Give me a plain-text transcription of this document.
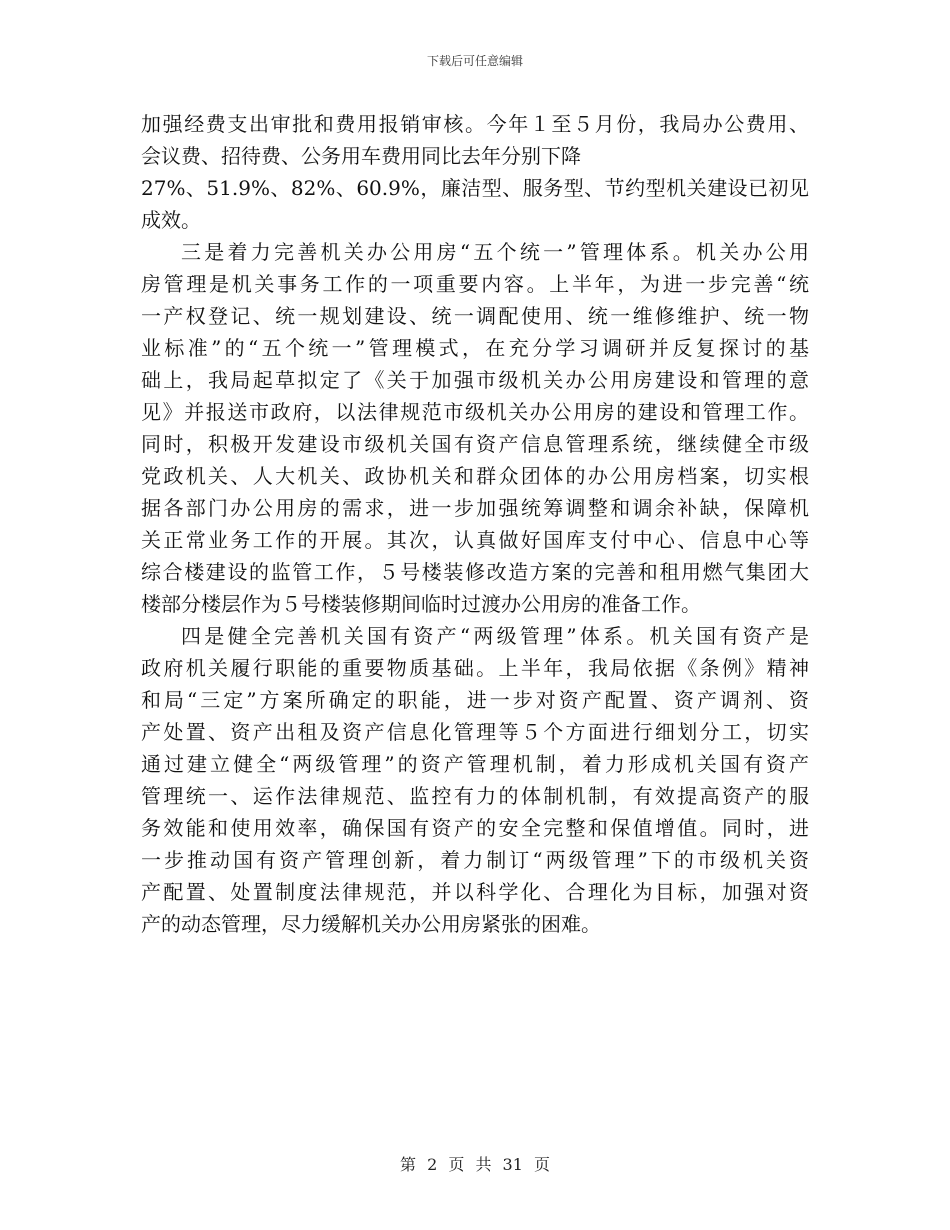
下载后可任意编辑
加强经费支出审批和费用报销审核。今年１至５月份，我局办公费用、
会议费、招待费、公务用车费用同比去年分别下降
27%、51.9%、82%、60.9%，廉洁型、服务型、节约型机关建设已初见
成效。
三是着力完善机关办公用房“五个统一”管理体系。机关办公用
房管理是机关事务工作的一项重要内容。上半年，为进一步完善“统
一产权登记、统一规划建设、统一调配使用、统一维修维护、统一物
业标准”的“五个统一”管理模式，在充分学习调研并反复探讨的基
础上，我局起草拟定了《关于加强市级机关办公用房建设和管理的意
见》并报送市政府，以法律规范市级机关办公用房的建设和管理工作。
同时，积极开发建设市级机关国有资产信息管理系统，继续健全市级
党政机关、人大机关、政协机关和群众团体的办公用房档案，切实根
据各部门办公用房的需求，进一步加强统筹调整和调余补缺，保障机
关正常业务工作的开展。其次，认真做好国库支付中心、信息中心等
综合楼建设的监管工作，５号楼装修改造方案的完善和租用燃气集团大
楼部分楼层作为５号楼装修期间临时过渡办公用房的准备工作。
四是健全完善机关国有资产“两级管理”体系。机关国有资产是
政府机关履行职能的重要物质基础。上半年，我局依据《条例》精神
和局“三定”方案所确定的职能，进一步对资产配置、资产调剂、资
产处置、资产出租及资产信息化管理等５个方面进行细划分工，切实
通过建立健全“两级管理”的资产管理机制，着力形成机关国有资产
管理统一、运作法律规范、监控有力的体制机制，有效提高资产的服
务效能和使用效率，确保国有资产的安全完整和保值增值。同时，进
一步推动国有资产管理创新，着力制订“两级管理”下的市级机关资
产配置、处置制度法律规范，并以科学化、合理化为目标，加强对资
产的动态管理，尽力缓解机关办公用房紧张的困难。
第 2 页 共 31 页
